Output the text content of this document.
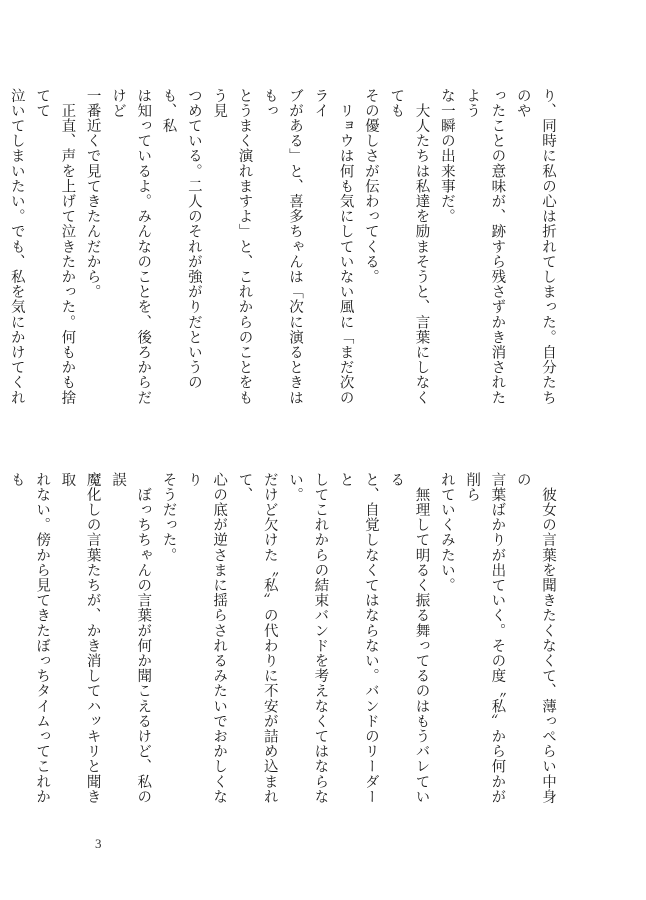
り、同時に私の心は折れてしまった。自分たちのや

ったことの意味が、跡すら残さずかき消されたよう

な一瞬の出来事だ。

　大人たちは私達を励まそうと、言葉にしなくても

その優しさが伝わってくる。

　リョウは何も気にしていない風に「まだ次のライ

ブがある」と、喜多ちゃんは「次に演るときはもっ

とうまく演れますよ」と、これからのことをもう見

つめている。二人のそれが強がりだというのも、私

は知っているよ。みんなのことを、後ろからだけど

一番近くで見てきたんだから。

　正直、声を上げて泣きたかった。何もかも捨てて

泣いてしまいたい。でも、私を気にかけてくれ

　彼女の言葉を聞きたくなくて、薄っぺらい中身の

言葉ばかりが出ていく。その度〝私〟から何かが削ら

れていくみたい。

　無理して明るく振る舞ってるのはもうバレている

と、自覚しなくてはならない。バンドのリーダーと

してこれからの結束バンドを考えなくてはならない。

だけど欠けた〝私〟の代わりに不安が詰め込まれて、

心の底が逆さまに揺らされるみたいでおかしくなり

そうだった。

　ぼっちちゃんの言葉が何か聞こえるけど、私の誤

魔化しの言葉たちが、かき消してハッキリと聞き取

れない。傍から見てきたぼっちタイムってこれかも

3
